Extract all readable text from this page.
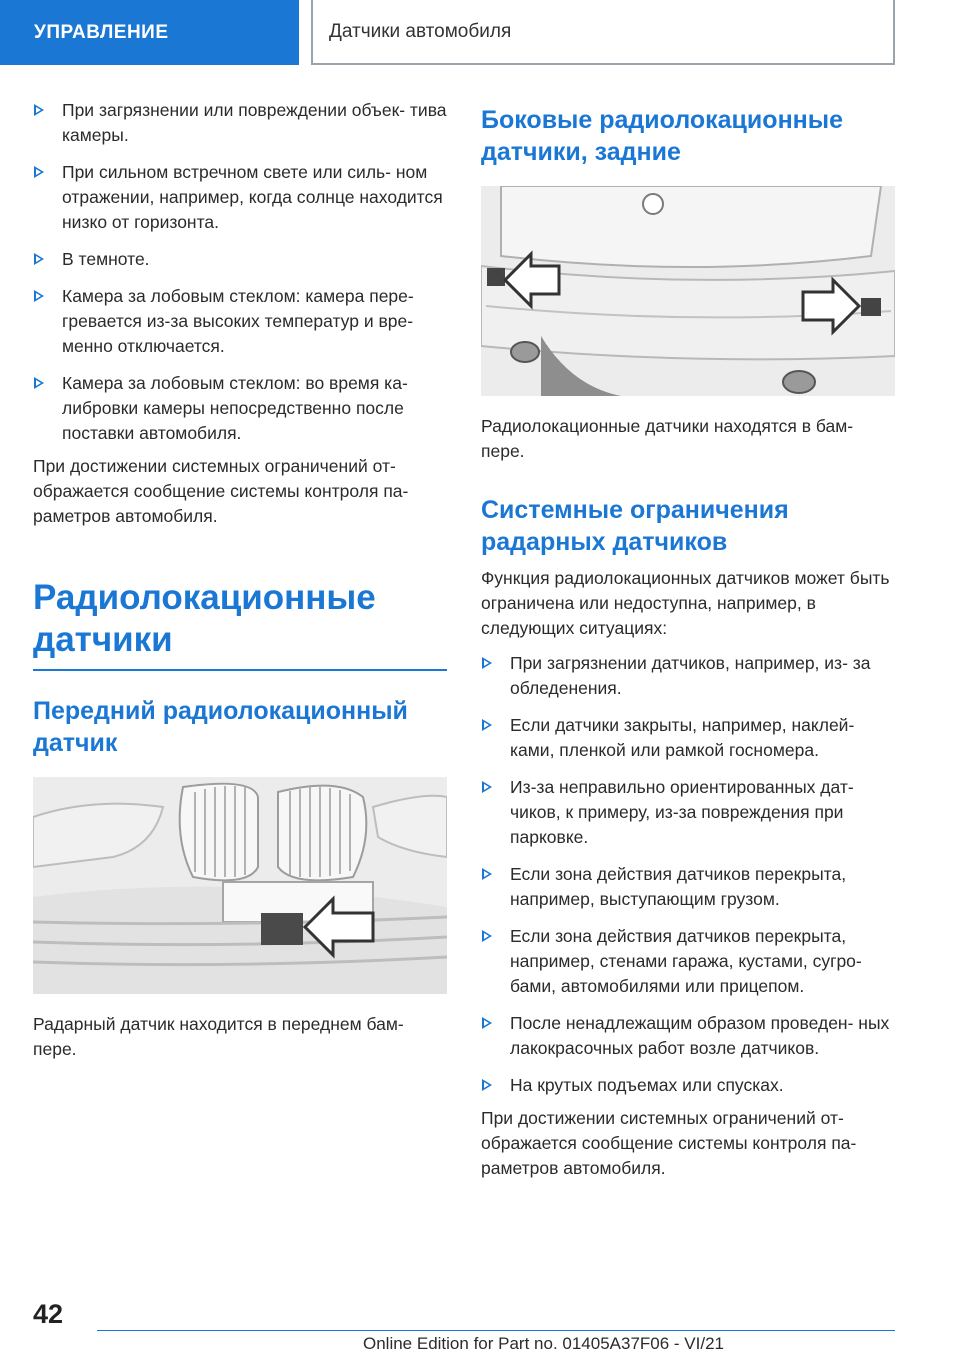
УПРАВЛЕНИЕ	Датчики автомобиля
При загрязнении или повреждении объек- тива камеры.
При сильном встречном свете или силь- ном отражении, например, когда солнце находится низко от горизонта.
В темноте.
Камера за лобовым стеклом: камера пере- гревается из-за высоких температур и вре- менно отключается.
Камера за лобовым стеклом: во время ка- либровки камеры непосредственно после поставки автомобиля.

При достижении системных ограничений от- ображается сообщение системы контроля па- раметров автомобиля.

Радиолокационные датчики
Передний радиолокационный датчик

Радарный датчик находится в переднем бам- пере.

Боковые радиолокационные датчики, задние

Радиолокационные датчики находятся в бам- пере.

Системные ограничения радарных датчиков

Функция радиолокационных датчиков может быть ограничена или недоступна, например, в следующих ситуациях:

При загрязнении датчиков, например, из- за обледенения.
Если датчики закрыты, например, наклей- ками, пленкой или рамкой госномера.
Из-за неправильно ориентированных дат- чиков, к примеру, из-за повреждения при парковке.
Если зона действия датчиков перекрыта, например, выступающим грузом.
Если зона действия датчиков перекрыта, например, стенами гаража, кустами, сугро- бами, автомобилями или прицепом.
После ненадлежащим образом проведен- ных лакокрасочных работ возле датчиков.
На крутых подъемах или спусках.

При достижении системных ограничений от- ображается сообщение системы контроля па- раметров автомобиля.

42
Online Edition for Part no. 01405A37F06 - VI/21
